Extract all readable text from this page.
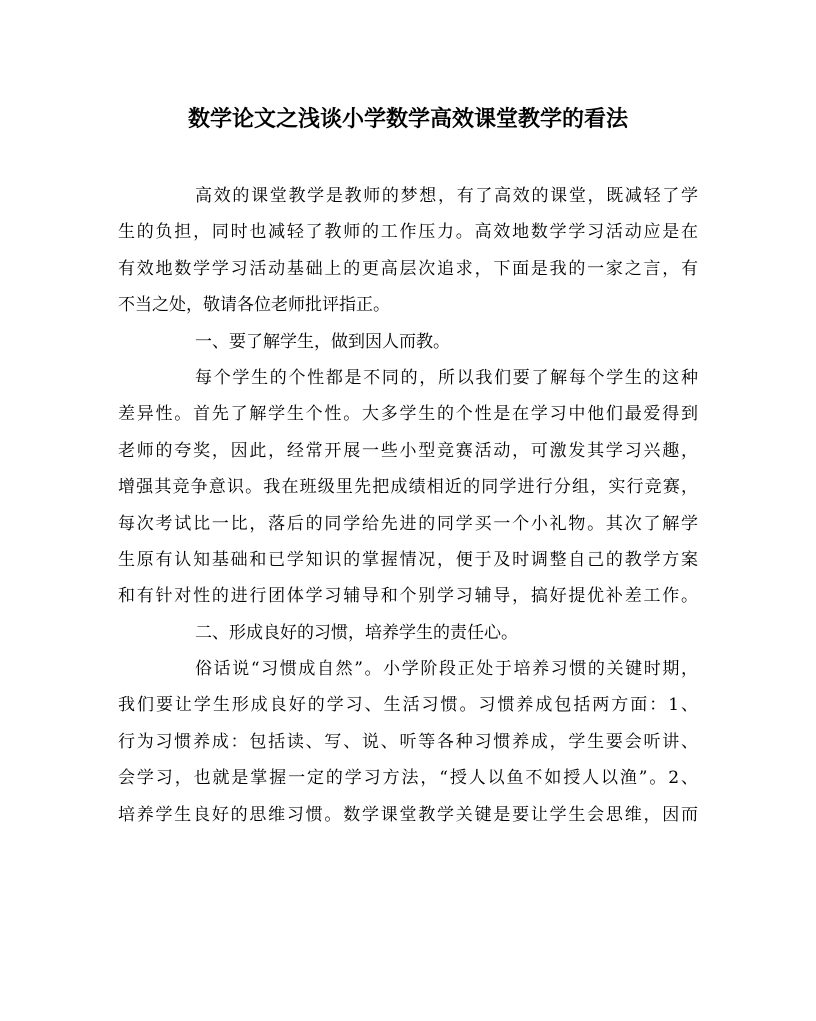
数学论文之浅谈小学数学高效课堂教学的看法
高效的课堂教学是教师的梦想，有了高效的课堂，既减轻了学
生的负担，同时也减轻了教师的工作压力。高效地数学学习活动应是在
有效地数学学习活动基础上的更高层次追求，下面是我的一家之言，有
不当之处，敬请各位老师批评指正。
一、要了解学生，做到因人而教。
每个学生的个性都是不同的，所以我们要了解每个学生的这种
差异性。首先了解学生个性。大多学生的个性是在学习中他们最爱得到
老师的夸奖，因此，经常开展一些小型竞赛活动，可激发其学习兴趣，
增强其竞争意识。我在班级里先把成绩相近的同学进行分组，实行竞赛，
每次考试比一比，落后的同学给先进的同学买一个小礼物。其次了解学
生原有认知基础和已学知识的掌握情况，便于及时调整自己的教学方案
和有针对性的进行团体学习辅导和个别学习辅导，搞好提优补差工作。
二、形成良好的习惯，培养学生的责任心。
俗话说“习惯成自然”。小学阶段正处于培养习惯的关键时期，
我们要让学生形成良好的学习、生活习惯。习惯养成包括两方面：1、
行为习惯养成：包括读、写、说、听等各种习惯养成，学生要会听讲、
会学习，也就是掌握一定的学习方法，“授人以鱼不如授人以渔”。2、
培养学生良好的思维习惯。数学课堂教学关键是要让学生会思维，因而
